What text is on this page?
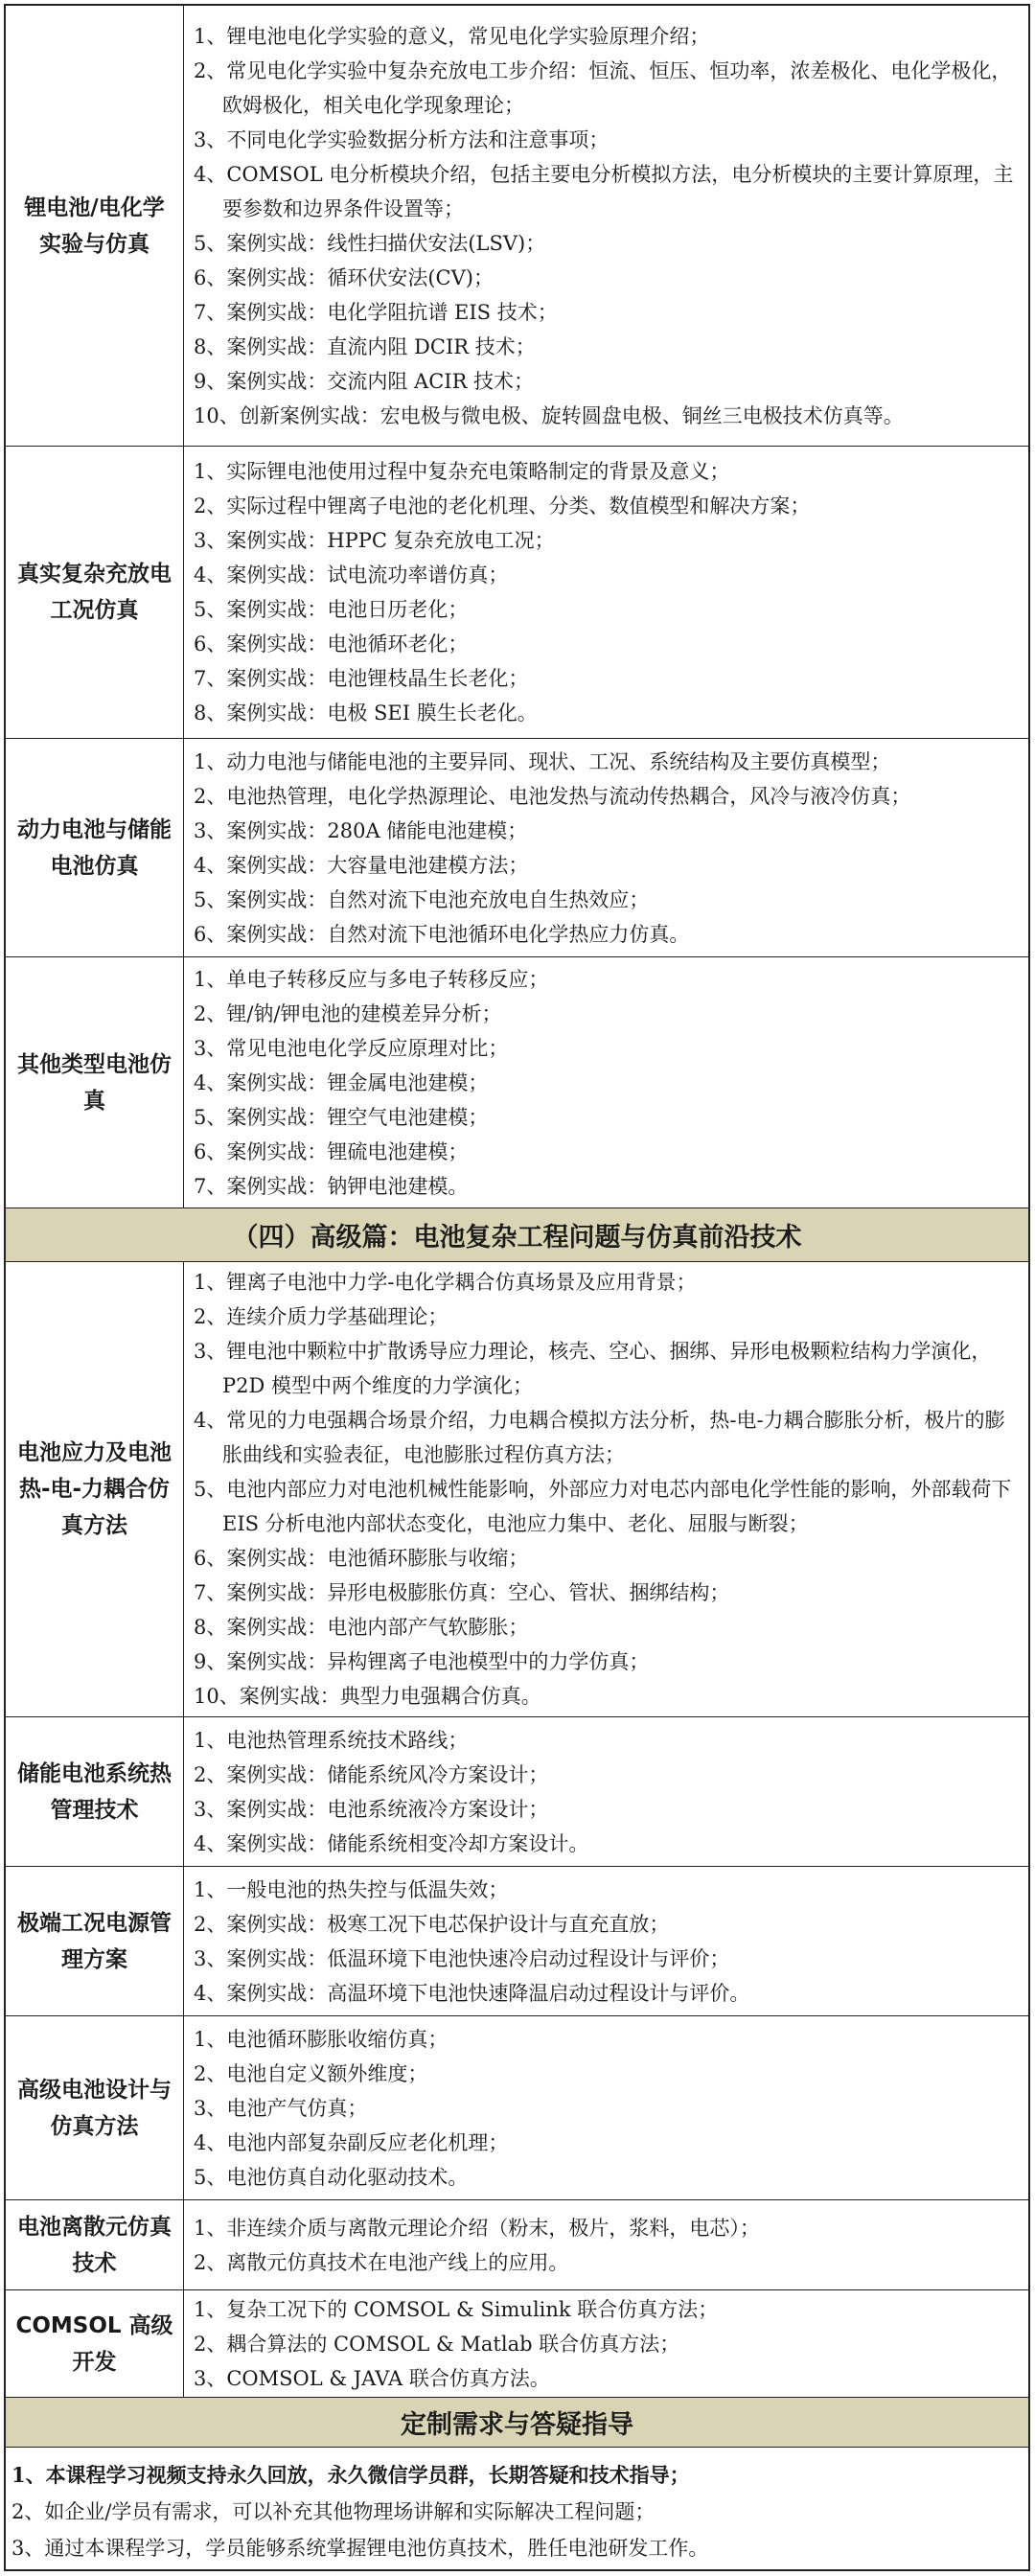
锂电池/电化学实验与仿真
1、锂电池电化学实验的意义，常见电化学实验原理介绍；
2、常见电化学实验中复杂充放电工步介绍：恒流、恒压、恒功率，浓差极化、电化学极化，欧姆极化，相关电化学现象理论；
3、不同电化学实验数据分析方法和注意事项；
4、COMSOL 电分析模块介绍，包括主要电分析模拟方法，电分析模块的主要计算原理，主要参数和边界条件设置等；
5、案例实战：线性扫描伏安法(LSV)；
6、案例实战：循环伏安法(CV)；
7、案例实战：电化学阻抗谱 EIS 技术；
8、案例实战：直流内阻 DCIR 技术；
9、案例实战：交流内阻 ACIR 技术；
10、创新案例实战：宏电极与微电极、旋转圆盘电极、铜丝三电极技术仿真等。
真实复杂充放电工况仿真
1、实际锂电池使用过程中复杂充电策略制定的背景及意义；
2、实际过程中锂离子电池的老化机理、分类、数值模型和解决方案；
3、案例实战：HPPC 复杂充放电工况；
4、案例实战：试电流功率谱仿真；
5、案例实战：电池日历老化；
6、案例实战：电池循环老化；
7、案例实战：电池锂枝晶生长老化；
8、案例实战：电极 SEI 膜生长老化。
动力电池与储能电池仿真
1、动力电池与储能电池的主要异同、现状、工况、系统结构及主要仿真模型；
2、电池热管理，电化学热源理论、电池发热与流动传热耦合，风冷与液冷仿真；
3、案例实战：280A 储能电池建模；
4、案例实战：大容量电池建模方法；
5、案例实战：自然对流下电池充放电自生热效应；
6、案例实战：自然对流下电池循环电化学热应力仿真。
其他类型电池仿真
1、单电子转移反应与多电子转移反应；
2、锂/钠/钾电池的建模差异分析；
3、常见电池电化学反应原理对比；
4、案例实战：锂金属电池建模；
5、案例实战：锂空气电池建模；
6、案例实战：锂硫电池建模；
7、案例实战：钠钾电池建模。
（四）高级篇：电池复杂工程问题与仿真前沿技术
电池应力及电池热-电-力耦合仿真方法
1、锂离子电池中力学-电化学耦合仿真场景及应用背景；
2、连续介质力学基础理论；
3、锂电池中颗粒中扩散诱导应力理论，核壳、空心、捆绑、异形电极颗粒结构力学演化，P2D 模型中两个维度的力学演化；
4、常见的力电强耦合场景介绍，力电耦合模拟方法分析，热-电-力耦合膨胀分析，极片的膨胀曲线和实验表征，电池膨胀过程仿真方法；
5、电池内部应力对电池机械性能影响，外部应力对电芯内部电化学性能的影响，外部载荷下 EIS 分析电池内部状态变化，电池应力集中、老化、屈服与断裂；
6、案例实战：电池循环膨胀与收缩；
7、案例实战：异形电极膨胀仿真：空心、管状、捆绑结构；
8、案例实战：电池内部产气软膨胀；
9、案例实战：异构锂离子电池模型中的力学仿真；
10、案例实战：典型力电强耦合仿真。
储能电池系统热管理技术
1、电池热管理系统技术路线；
2、案例实战：储能系统风冷方案设计；
3、案例实战：电池系统液冷方案设计；
4、案例实战：储能系统相变冷却方案设计。
极端工况电源管理方案
1、一般电池的热失控与低温失效；
2、案例实战：极寒工况下电芯保护设计与直充直放；
3、案例实战：低温环境下电池快速冷启动过程设计与评价；
4、案例实战：高温环境下电池快速降温启动过程设计与评价。
高级电池设计与仿真方法
1、电池循环膨胀收缩仿真；
2、电池自定义额外维度；
3、电池产气仿真；
4、电池内部复杂副反应老化机理；
5、电池仿真自动化驱动技术。
电池离散元仿真技术
1、非连续介质与离散元理论介绍（粉末，极片，浆料，电芯）；
2、离散元仿真技术在电池产线上的应用。
COMSOL 高级开发
1、复杂工况下的 COMSOL & Simulink 联合仿真方法；
2、耦合算法的 COMSOL & Matlab 联合仿真方法；
3、COMSOL & JAVA 联合仿真方法。
定制需求与答疑指导
1、本课程学习视频支持永久回放，永久微信学员群，长期答疑和技术指导；
2、如企业/学员有需求，可以补充其他物理场讲解和实际解决工程问题；
3、通过本课程学习，学员能够系统掌握锂电池仿真技术，胜任电池研发工作。
